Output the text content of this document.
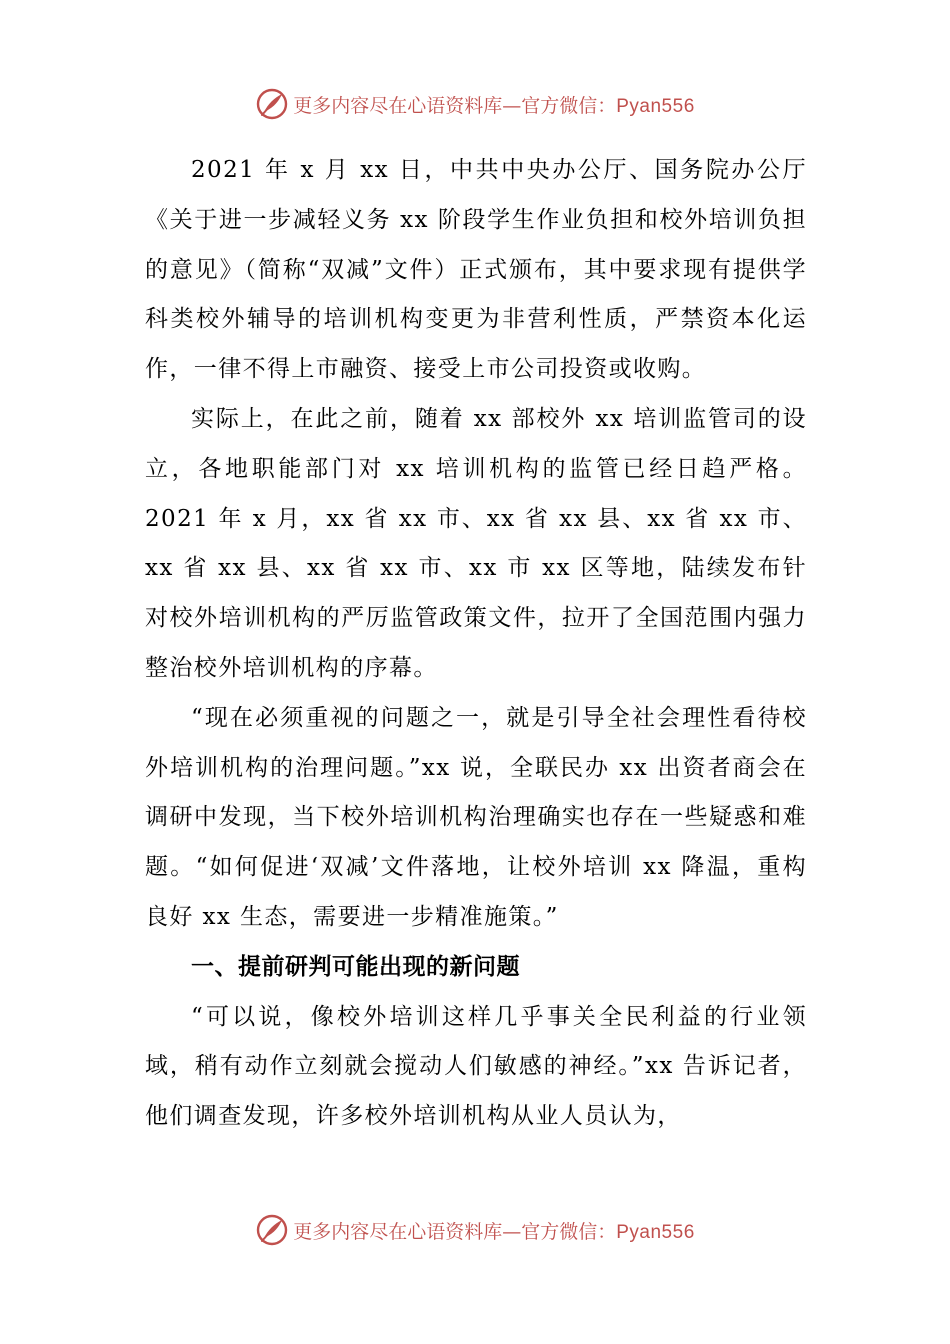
更多内容尽在心语资料库—官方微信：Pyan556

2021 年 x 月 xx 日，中共中央办公厅、国务院办公厅《关于进一步减轻义务 xx 阶段学生作业负担和校外培训负担的意见》（简称“双减”文件）正式颁布，其中要求现有提供学科类校外辅导的培训机构变更为非营利性质，严禁资本化运作，一律不得上市融资、接受上市公司投资或收购。

实际上，在此之前，随着 xx 部校外 xx 培训监管司的设立，各地职能部门对 xx 培训机构的监管已经日趋严格。2021 年 x 月，xx 省 xx 市、xx 省 xx 县、xx 省 xx 市、xx 省 xx 县、xx 省 xx 市、xx 市 xx 区等地，陆续发布针对校外培训机构的严厉监管政策文件，拉开了全国范围内强力整治校外培训机构的序幕。

“现在必须重视的问题之一，就是引导全社会理性看待校外培训机构的治理问题。”xx 说，全联民办 xx 出资者商会在调研中发现，当下校外培训机构治理确实也存在一些疑惑和难题。“如何促进‘双减’文件落地，让校外培训 xx 降温，重构良好 xx 生态，需要进一步精准施策。”

一、提前研判可能出现的新问题

“可以说，像校外培训这样几乎事关全民利益的行业领域，稍有动作立刻就会搅动人们敏感的神经。”xx 告诉记者，他们调查发现，许多校外培训机构从业人员认为，

更多内容尽在心语资料库—官方微信：Pyan556
